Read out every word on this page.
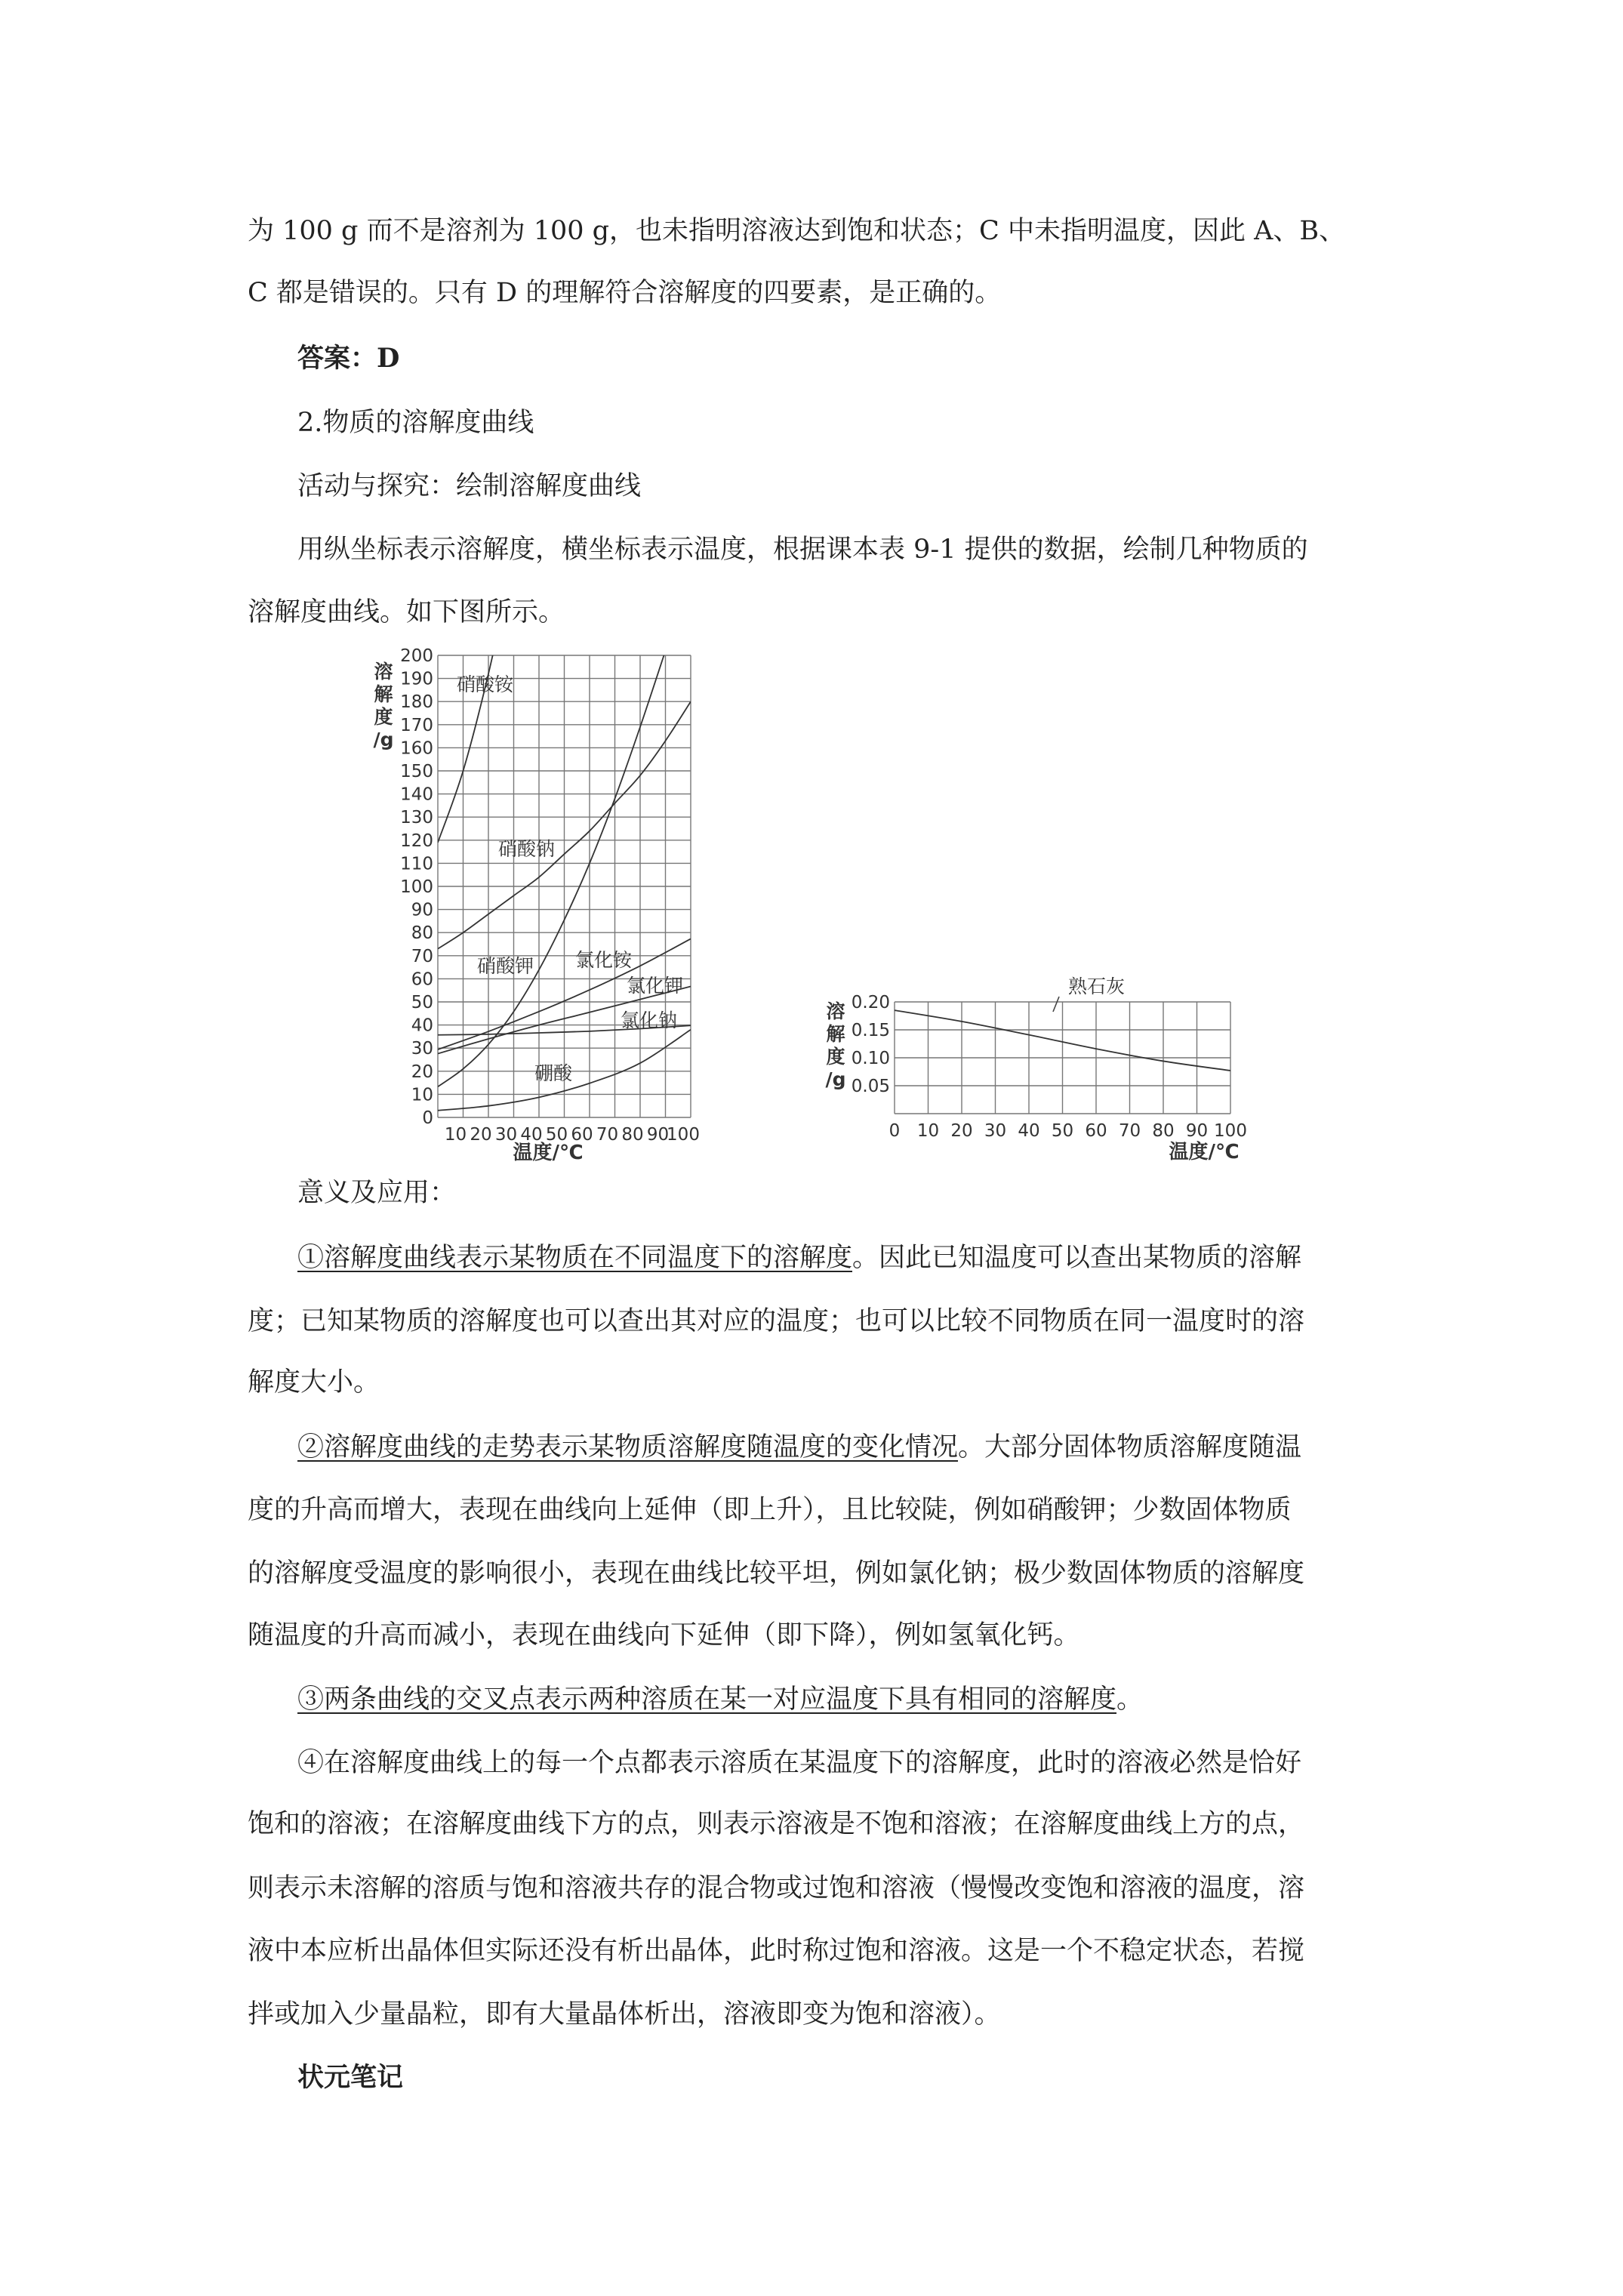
为 100 g 而不是溶剂为 100 g，也未指明溶液达到饱和状态；C 中未指明温度，因此 A、B、
C 都是错误的。只有 D 的理解符合溶解度的四要素，是正确的。
答案：D
2.物质的溶解度曲线
活动与探究：绘制溶解度曲线
用纵坐标表示溶解度，横坐标表示温度，根据课本表 9-1 提供的数据，绘制几种物质的
溶解度曲线。如下图所示。
0
10
20
30
40
50
60
70
80
90
100
110
120
130
140
150
160
170
180
190
200
10 20 30 40 50 60 70 80 90
100
溶
解
度
/g
温度/℃
硝酸铵
硝酸钠
硝酸钾 氯化铵
氯化钾
氯化钠
硼酸
0.05
0.10
0.15
0.20
0 10 20 30 40 50 60 70 80 90 100
溶
解
度
/g
温度/℃
熟石灰
意义及应用：
①溶解度曲线表示某物质在不同温度下的溶解度。因此已知温度可以查出某物质的溶解
度；已知某物质的溶解度也可以查出其对应的温度；也可以比较不同物质在同一温度时的溶
解度大小。
②溶解度曲线的走势表示某物质溶解度随温度的变化情况。大部分固体物质溶解度随温
度的升高而增大，表现在曲线向上延伸（即上升），且比较陡，例如硝酸钾；少数固体物质
的溶解度受温度的影响很小，表现在曲线比较平坦，例如氯化钠；极少数固体物质的溶解度
随温度的升高而减小，表现在曲线向下延伸（即下降），例如氢氧化钙。
③两条曲线的交叉点表示两种溶质在某一对应温度下具有相同的溶解度。
④在溶解度曲线上的每一个点都表示溶质在某温度下的溶解度，此时的溶液必然是恰好
饱和的溶液；在溶解度曲线下方的点，则表示溶液是不饱和溶液；在溶解度曲线上方的点，
则表示未溶解的溶质与饱和溶液共存的混合物或过饱和溶液（慢慢改变饱和溶液的温度，溶
液中本应析出晶体但实际还没有析出晶体，此时称过饱和溶液。这是一个不稳定状态，若搅
拌或加入少量晶粒，即有大量晶体析出，溶液即变为饱和溶液）。
状元笔记
